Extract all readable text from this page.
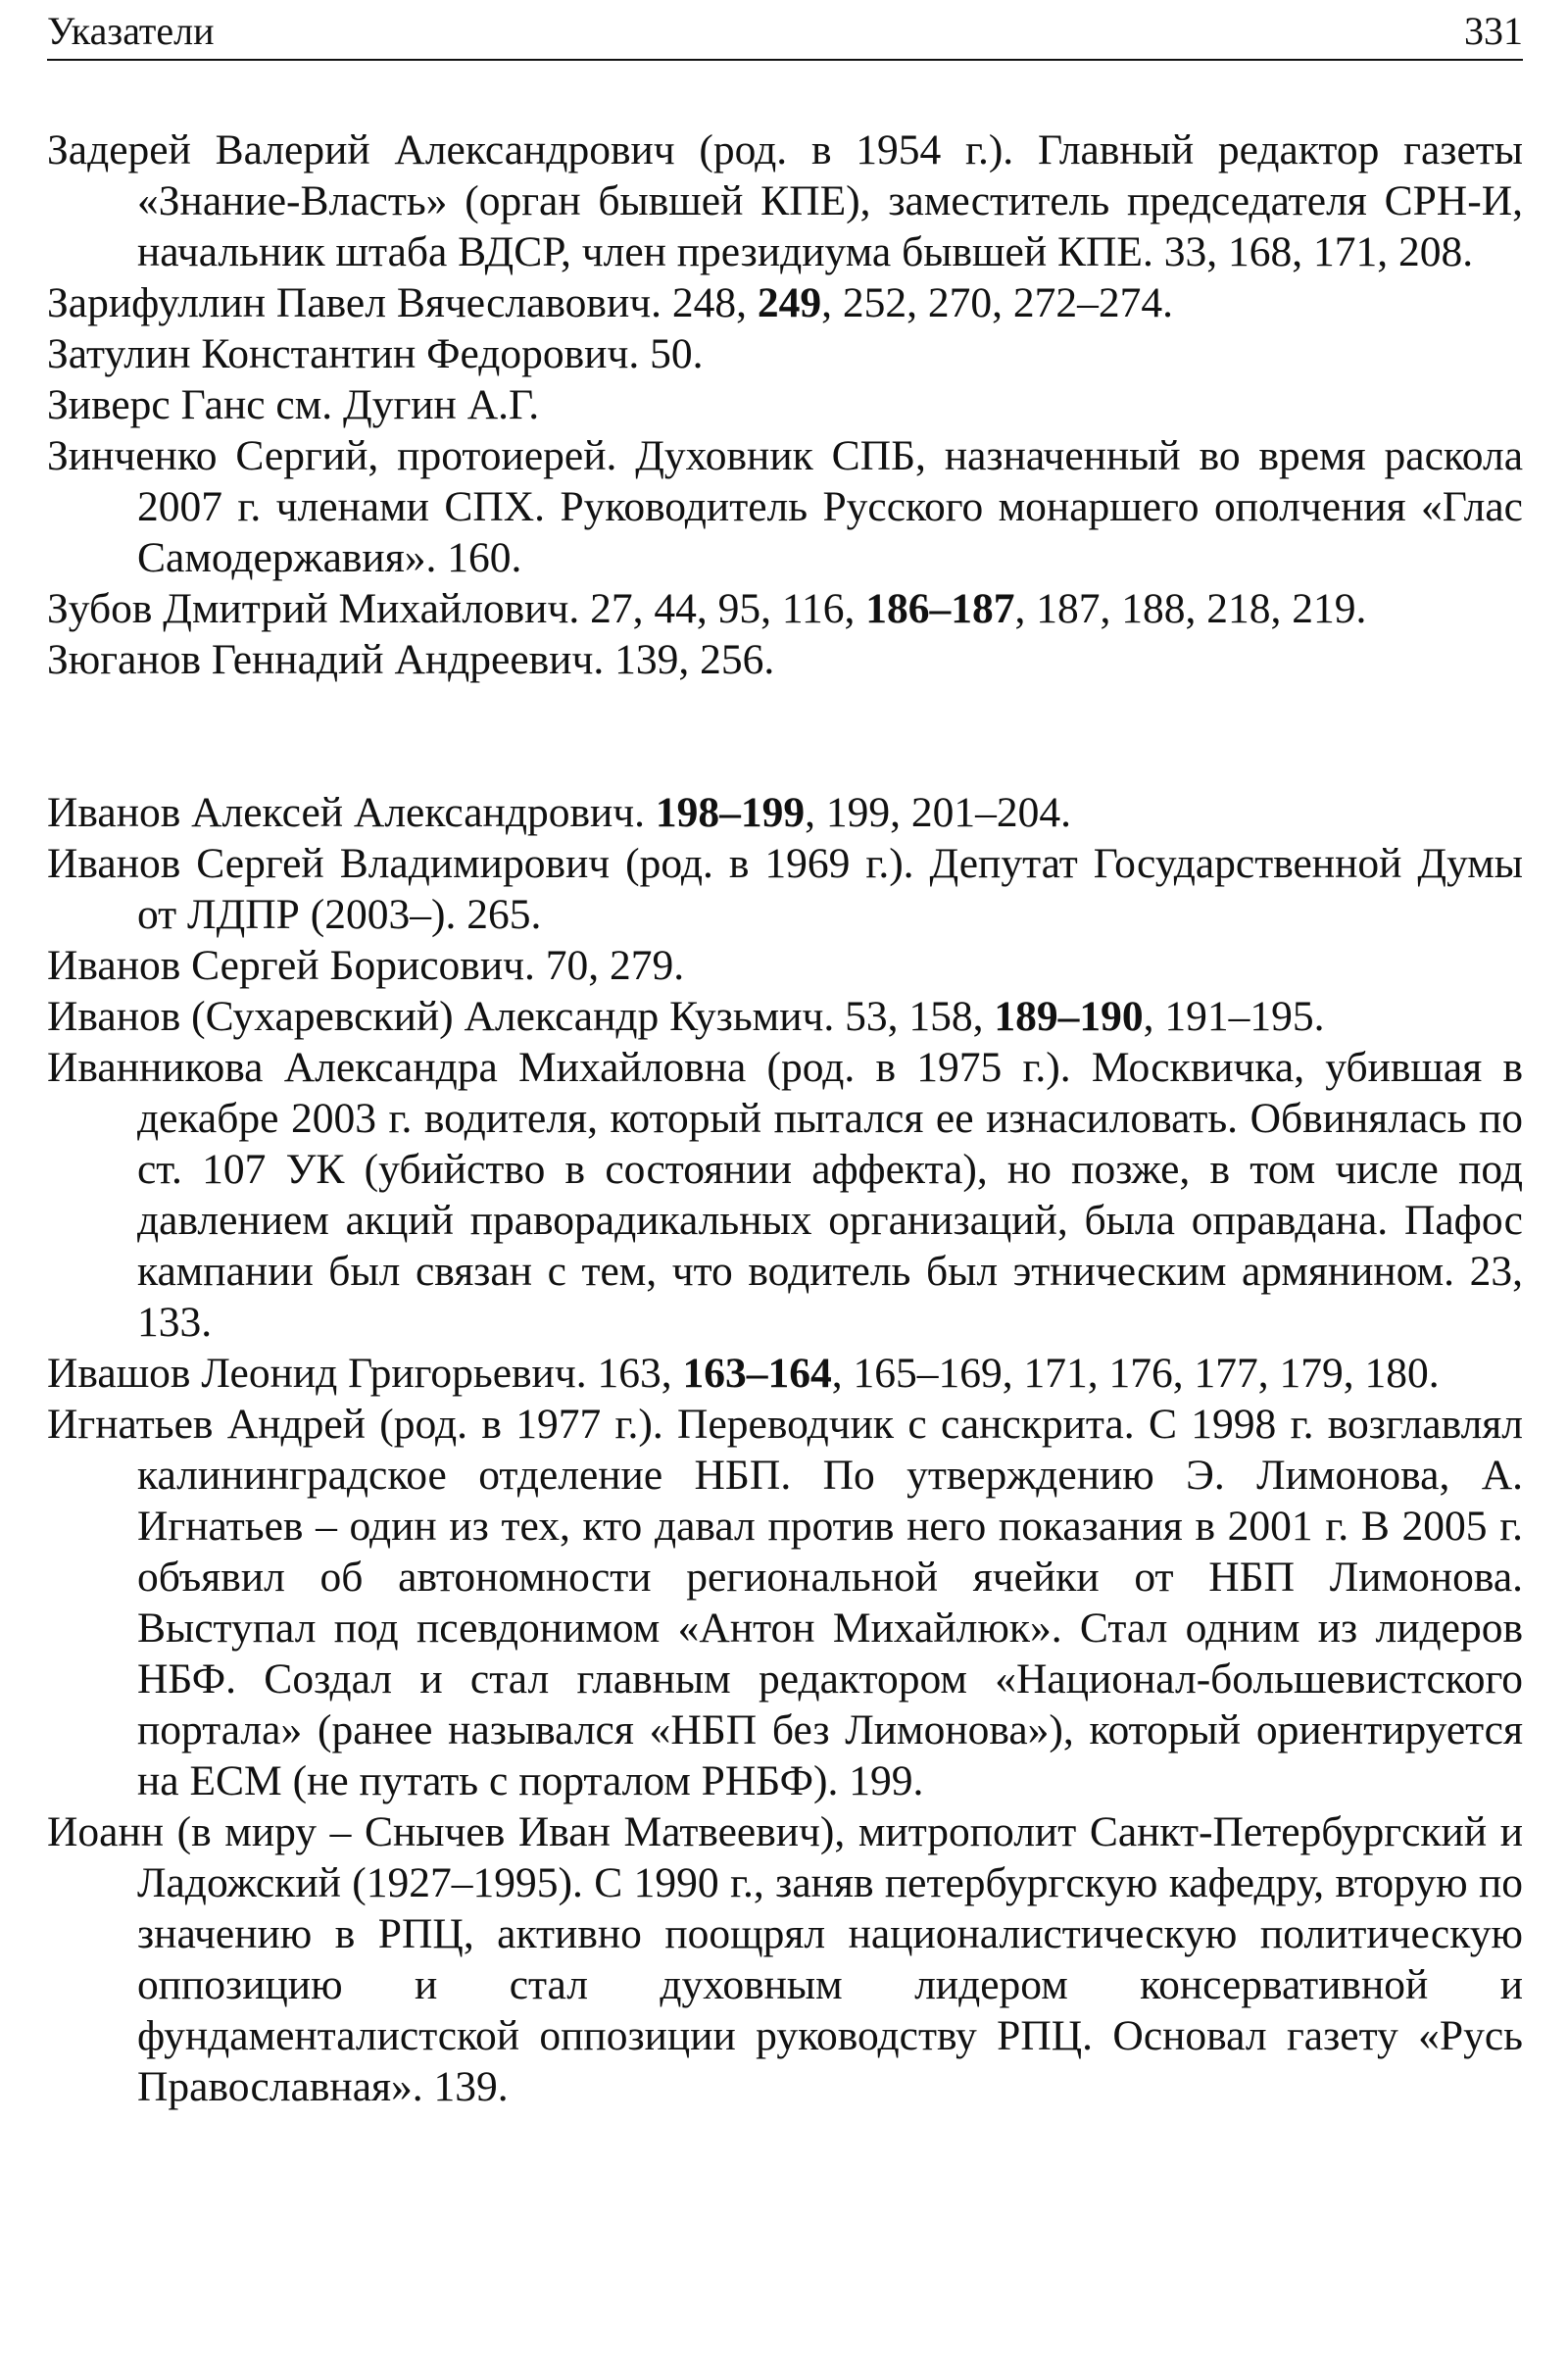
Указатели	331

Задерей Валерий Александрович (род. в 1954 г.). Главный редактор газеты «Знание-Власть» (орган бывшей КПЕ), заместитель председателя СРН-И, начальник штаба ВДСР, член президиума бывшей КПЕ. 33, 168, 171, 208.

Зарифуллин Павел Вячеславович. 248, 249, 252, 270, 272–274.

Затулин Константин Федорович. 50.

Зиверс Ганс см. Дугин А.Г.

Зинченко Сергий, протоиерей. Духовник СПБ, назначенный во время раскола 2007 г. членами СПХ. Руководитель Русского монаршего ополчения «Глас Самодержавия». 160.

Зубов Дмитрий Михайлович. 27, 44, 95, 116, 186–187, 187, 188, 218, 219.

Зюганов Геннадий Андреевич. 139, 256.

Иванов Алексей Александрович. 198–199, 199, 201–204.

Иванов Сергей Владимирович (род. в 1969 г.). Депутат Государственной Думы от ЛДПР (2003–). 265.

Иванов Сергей Борисович. 70, 279.

Иванов (Сухаревский) Александр Кузьмич. 53, 158, 189–190, 191–195.

Иванникова Александра Михайловна (род. в 1975 г.). Москвичка, убившая в декабре 2003 г. водителя, который пытался ее изнасиловать. Обвинялась по ст. 107 УК (убийство в состоянии аффекта), но позже, в том числе под давлением акций праворадикальных организаций, была оправдана. Пафос кампании был связан с тем, что водитель был этническим армянином. 23, 133.

Ивашов Леонид Григорьевич. 163, 163–164, 165–169, 171, 176, 177, 179, 180.

Игнатьев Андрей (род. в 1977 г.). Переводчик с санскрита. С 1998 г. возглавлял калининградское отделение НБП. По утверждению Э. Лимонова, А. Игнатьев – один из тех, кто давал против него показания в 2001 г. В 2005 г. объявил об автономности региональной ячейки от НБП Лимонова. Выступал под псевдонимом «Антон Михайлюк». Стал одним из лидеров НБФ. Создал и стал главным редактором «Национал-большевистского портала» (ранее назывался «НБП без Лимонова»), который ориентируется на ЕСМ (не путать с порталом РНБФ). 199.

Иоанн (в миру – Снычев Иван Матвеевич), митрополит Санкт-Петербургский и Ладожский (1927–1995). С 1990 г., заняв петербургскую кафедру, вторую по значению в РПЦ, активно поощрял националистическую политическую оппозицию и стал духовным лидером консервативной и фундаменталистской оппозиции руководству РПЦ. Основал газету «Русь Православная». 139.
